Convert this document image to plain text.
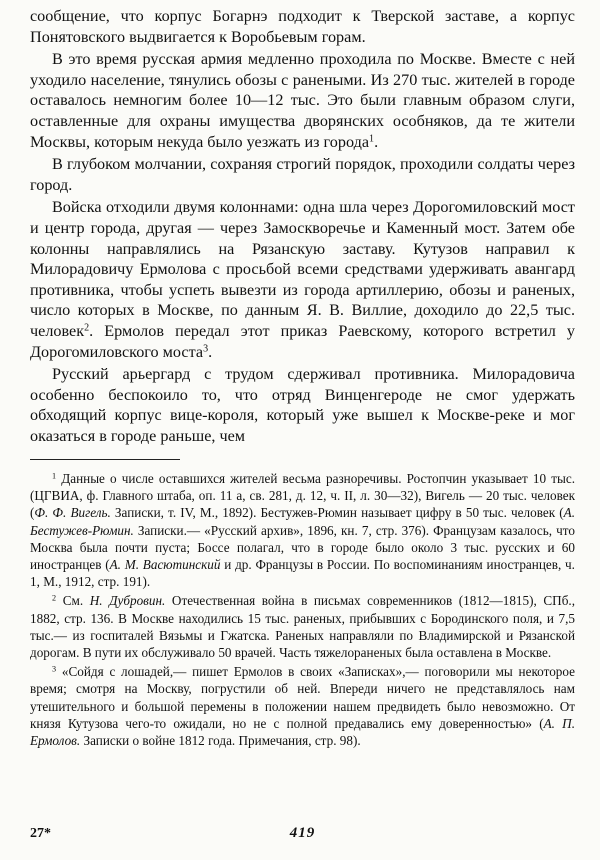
сообщение, что корпус Богарнэ подходит к Тверской заставе, а корпус Понятовского выдвигается к Воробьевым горам.

В это время русская армия медленно проходила по Москве. Вместе с ней уходило население, тянулись обозы с ранеными. Из 270 тыс. жителей в городе оставалось немногим более 10—12 тыс. Это были главным образом слуги, оставленные для охраны имущества дворянских особняков, да те жители Москвы, которым некуда было уезжать из города$^1$.

В глубоком молчании, сохраняя строгий порядок, проходили солдаты через город.

Войска отходили двумя колоннами: одна шла через Дорогомиловский мост и центр города, другая — через Замоскворечье и Каменный мост. Затем обе колонны направлялись на Рязанскую заставу. Кутузов направил к Милорадовичу Ермолова с просьбой всеми средствами удерживать авангард противника, чтобы успеть вывезти из города артиллерию, обозы и раненых, число которых в Москве, по данным Я. В. Виллие, доходило до 22,5 тыс. человек$^2$. Ермолов передал этот приказ Раевскому, которого встретил у Дорогомиловского моста$^3$.

Русский арьергард с трудом сдерживал противника. Милорадовича особенно беспокоило то, что отряд Винценгероде не смог удержать обходящий корпус вице-короля, который уже вышел к Москве-реке и мог оказаться в городе раньше, чем

$^1$ Данные о числе оставшихся жителей весьма разноречивы. Ростопчин указывает 10 тыс. (ЦГВИА, ф. Главного штаба, оп. 11 а, св. 281, д. 12, ч. II, л. 30—32), Вигель — 20 тыс. человек (Ф. Ф. Вигель. Записки, т. IV, М., 1892). Бестужев-Рюмин называет цифру в 50 тыс. человек (А. Бестужев-Рюмин. Записки.— «Русский архив», 1896, кн. 7, стр. 376). Французам казалось, что Москва была почти пуста; Боссе полагал, что в городе было около 3 тыс. русских и 60 иностранцев (А. М. Васютинский и др. Французы в России. По воспоминаниям иностранцев, ч. 1, М., 1912, стр. 191).

$^2$ См. Н. Дубровин. Отечественная война в письмах современников (1812—1815), СПб., 1882, стр. 136. В Москве находились 15 тыс. раненых, прибывших с Бородинского поля, и 7,5 тыс.— из госпиталей Вязьмы и Гжатска. Раненых направляли по Владимирской и Рязанской дорогам. В пути их обслуживало 50 врачей. Часть тяжелораненых была оставлена в Москве.

$^3$ «Сойдя с лошадей,— пишет Ермолов в своих «Записках»,— поговорили мы некоторое время; смотря на Москву, погрустили об ней. Впереди ничего не представлялось нам утешительного и большой перемены в положении нашем предвидеть было невозможно. От князя Кутузова чего-то ожидали, но не с полной предавались ему доверенностью» (А. П. Ермолов. Записки о войне 1812 года. Примечания, стр. 98).

27*	419
